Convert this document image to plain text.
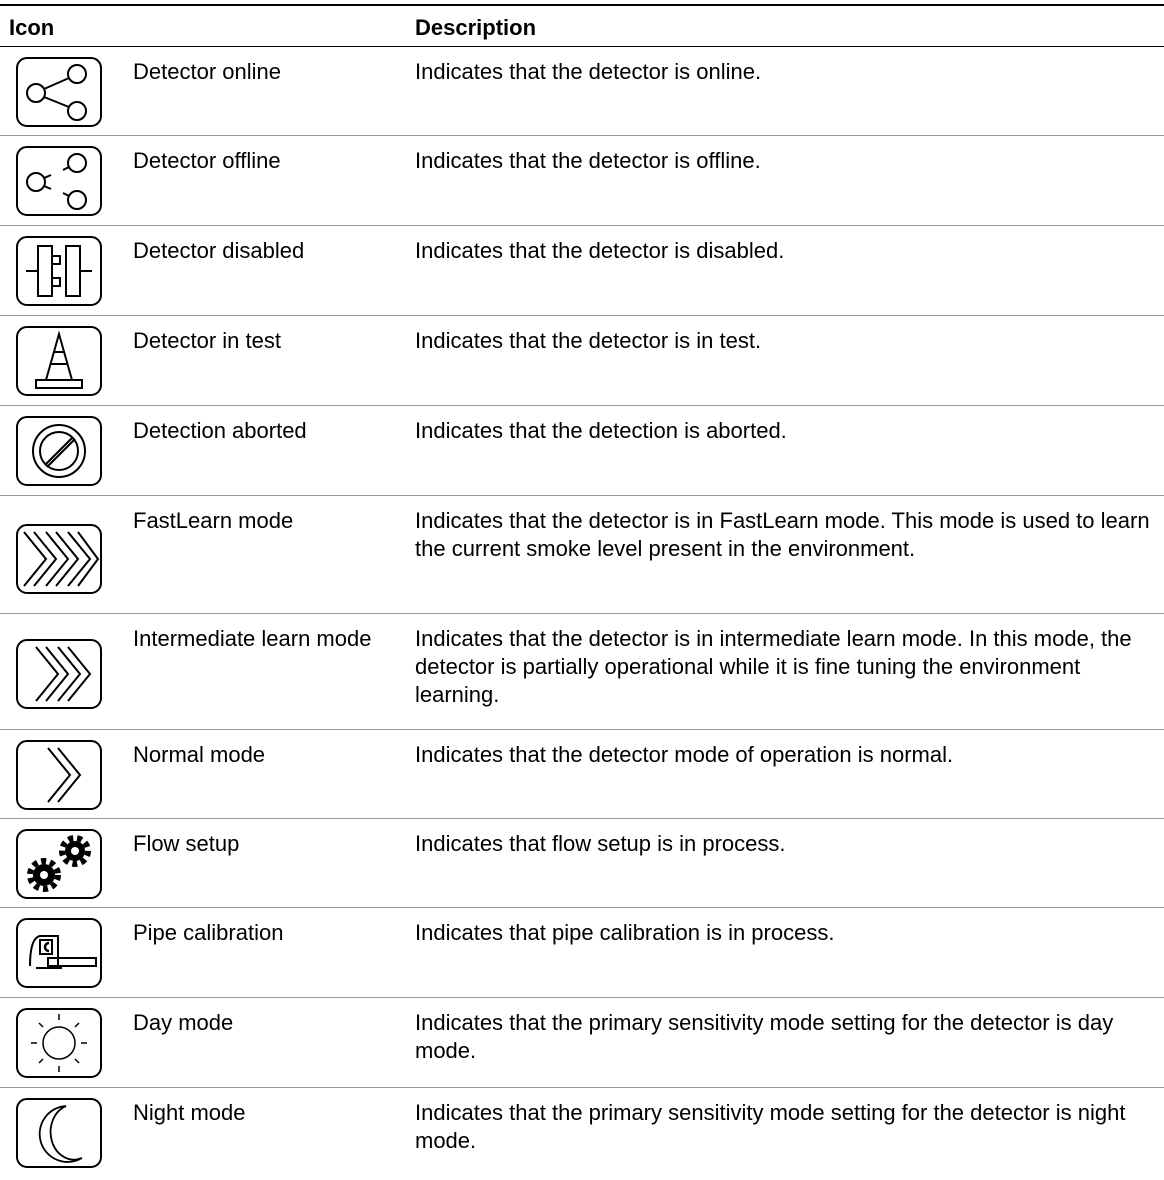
Icon	Description
Detector online	Indicates that the detector is online.
Detector offline	Indicates that the detector is offline.
Detector disabled	Indicates that the detector is disabled.
Detector in test	Indicates that the detector is in test.
Detection aborted	Indicates that the detection is aborted.
FastLearn mode	Indicates that the detector is in FastLearn mode. This mode is used to learn the current smoke level present in the environment.
Intermediate learn mode	Indicates that the detector is in intermediate learn mode. In this mode, the detector is partially operational while it is fine tuning the environment learning.
Normal mode	Indicates that the detector mode of operation is normal.
Flow setup	Indicates that flow setup is in process.
Pipe calibration	Indicates that pipe calibration is in process.
Day mode	Indicates that the primary sensitivity mode setting for the detector is day mode.
Night mode	Indicates that the primary sensitivity mode setting for the detector is night mode.
